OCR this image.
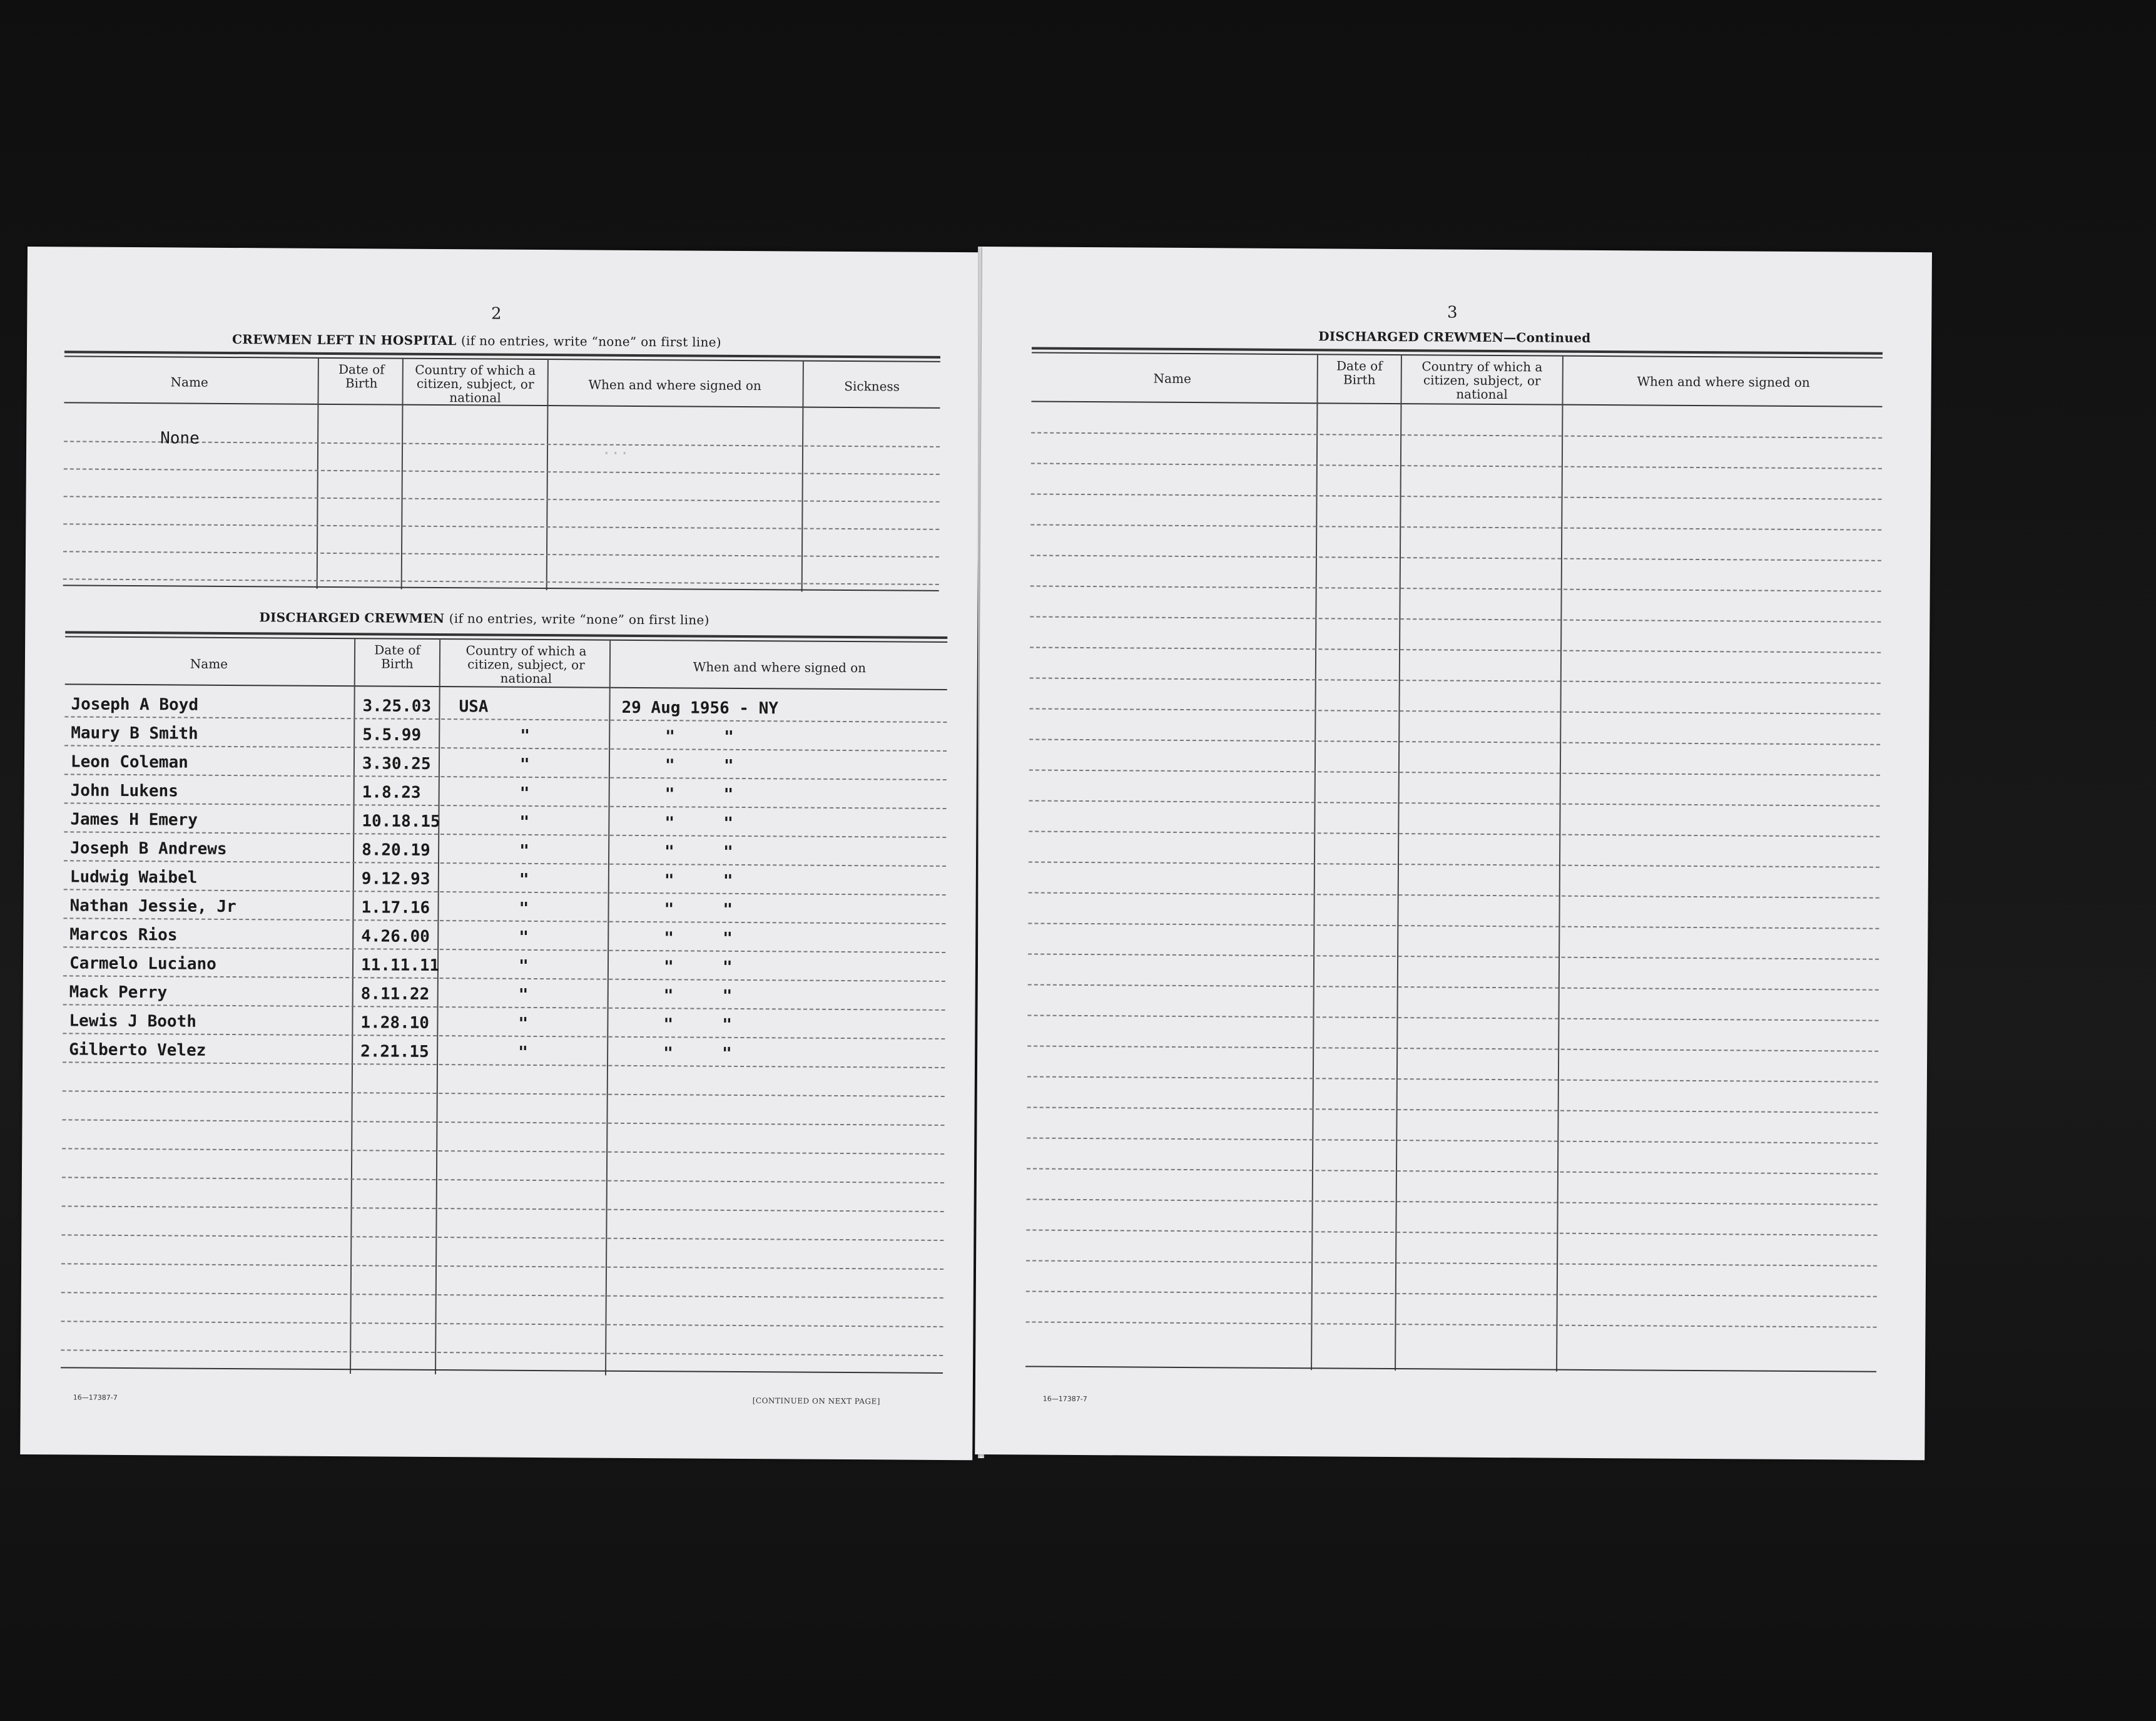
2
CREWMEN LEFT IN HOSPITAL (if no entries, write “none” on first line)
Name
Date of Birth
Country of which a citizen, subject, or national
When and where signed on	Sickness
None
...
DISCHARGED CREWMEN (if no entries, write “none” on first line)
Name
Date of Birth
Country of which a citizen, subject, or national
When and where signed on
Joseph A Boyd	3.25.03 USA	29 Aug 1956 - NY
Maury B Smith	5.5.99	"	"     "
Leon Coleman	3.30.25	"	"     "
John Lukens	1.8.23	"	"     "
James H Emery	10.18.15	"	"     "
Joseph B Andrews	8.20.19	"	"     "
Ludwig Waibel	9.12.93	"	"     "
Nathan Jessie, Jr	1.17.16	"	"     "
Marcos Rios	4.26.00	"	"     "
Carmelo Luciano	11.11.11	"	"     "
Mack Perry	8.11.22	"	"     "
Lewis J Booth	1.28.10	"	"     "
Gilberto Velez	2.21.15	"	"     "
16—17387-7	[CONTINUED ON NEXT PAGE]
3
DISCHARGED CREWMEN—Continued
Name
Date of Birth
Country of which a citizen, subject, or national
When and where signed on
16—17387-7
